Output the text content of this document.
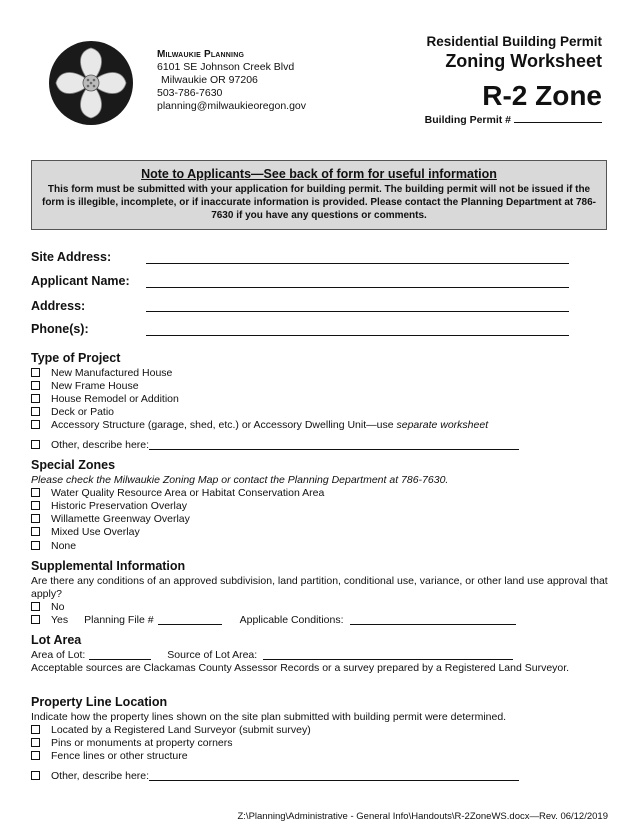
Milwaukie Planning
6101 SE Johnson Creek Blvd
Milwaukie OR 97206
503-786-7630
planning@milwaukieoregon.gov
Residential Building Permit
Zoning Worksheet
R-2 Zone
Building Permit #
Note to Applicants—See back of form for useful information
This form must be submitted with your application for building permit. The building permit will not be issued if the form is illegible, incomplete, or if inaccurate information is provided. Please contact the Planning Department at 786-7630 if you have any questions or comments.
Site Address:
Applicant Name:
Address:
Phone(s):
Type of Project
New Manufactured House
New Frame House
House Remodel or Addition
Deck or Patio
Accessory Structure (garage, shed, etc.) or Accessory Dwelling Unit—use separate worksheet
Other, describe here:
Special Zones
Please check the Milwaukie Zoning Map or contact the Planning Department at 786-7630.
Water Quality Resource Area or Habitat Conservation Area
Historic Preservation Overlay
Willamette Greenway Overlay
Mixed Use Overlay
None
Supplemental Information
Are there any conditions of an approved subdivision, land partition, conditional use, variance, or other land use approval that apply?
No
Yes Planning File #	Applicable Conditions:
Lot Area
Area of Lot:	Source of Lot Area:
Acceptable sources are Clackamas County Assessor Records or a survey prepared by a Registered Land Surveyor.
Property Line Location
Indicate how the property lines shown on the site plan submitted with building permit were determined.
Located by a Registered Land Surveyor (submit survey)
Pins or monuments at property corners
Fence lines or other structure
Other, describe here:
Z:\Planning\Administrative - General Info\Handouts\R-2ZoneWS.docx—Rev. 06/12/2019
